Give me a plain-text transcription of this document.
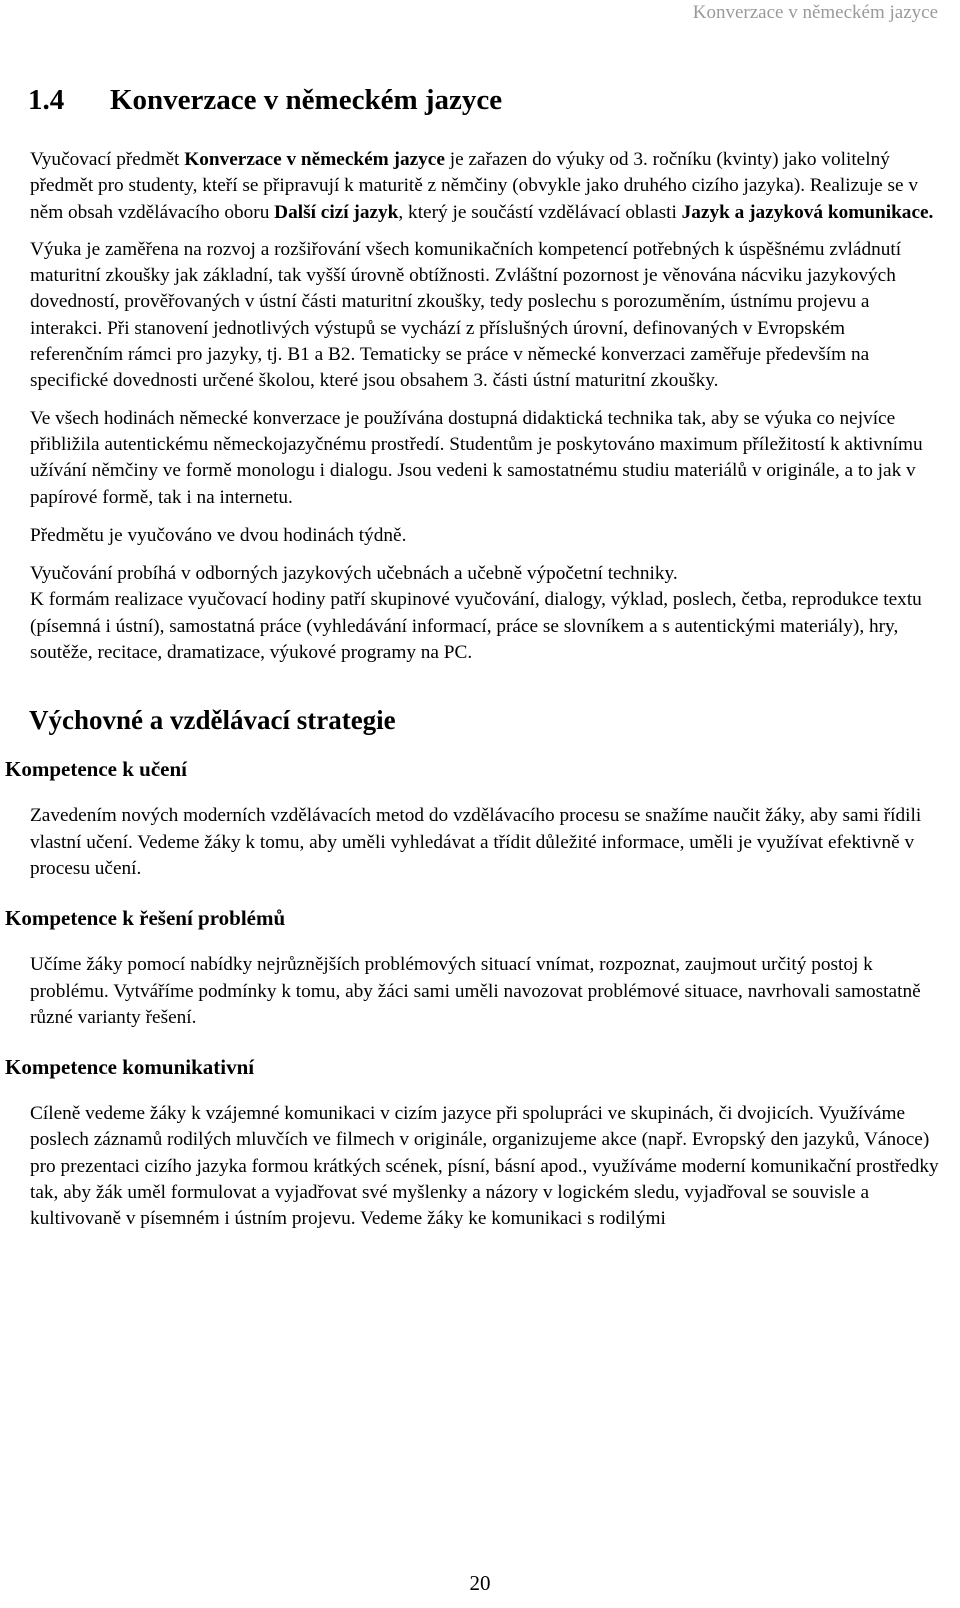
Konverzace v německém jazyce
1.4 Konverzace v německém jazyce

Vyučovací předmět Konverzace v německém jazyce je zařazen do výuky od 3. ročníku (kvinty) jako volitelný předmět pro studenty, kteří se připravují k maturitě z němčiny (obvykle jako druhého cizího jazyka). Realizuje se v něm obsah vzdělávacího oboru Další cizí jazyk, který je součástí vzdělávací oblasti Jazyk a jazyková komunikace.

Výuka je zaměřena na rozvoj a rozšiřování všech komunikačních kompetencí potřebných k úspěšnému zvládnutí maturitní zkoušky jak základní, tak vyšší úrovně obtížnosti. Zvláštní pozornost je věnována nácviku jazykových dovedností, prověřovaných v ústní části maturitní zkoušky, tedy poslechu s porozuměním, ústnímu projevu a interakci. Při stanovení jednotlivých výstupů se vychází z příslušných úrovní, definovaných v Evropském referenčním rámci pro jazyky, tj. B1 a B2. Tematicky se práce v německé konverzaci zaměřuje především na specifické dovednosti určené školou, které jsou obsahem 3. části ústní maturitní zkoušky.

Ve všech hodinách německé konverzace je používána dostupná didaktická technika tak, aby se výuka co nejvíce přibližila autentickému německojazyčnému prostředí. Studentům je poskytováno maximum příležitostí k aktivnímu užívání němčiny ve formě monologu i dialogu. Jsou vedeni k samostatnému studiu materiálů v originále, a to jak v papírové formě, tak i na internetu.

Předmětu je vyučováno ve dvou hodinách týdně.

Vyučování probíhá v odborných jazykových učebnách a učebně výpočetní techniky.
K formám realizace vyučovací hodiny patří skupinové vyučování, dialogy, výklad, poslech, četba, reprodukce textu (písemná i ústní), samostatná práce (vyhledávání informací, práce se slovníkem a s autentickými materiály), hry, soutěže, recitace, dramatizace, výukové programy na PC.

Výchovné a vzdělávací strategie
Kompetence k učení

Zavedením nových moderních vzdělávacích metod do vzdělávacího procesu se snažíme naučit žáky, aby sami řídili vlastní učení. Vedeme žáky k tomu, aby uměli vyhledávat a třídit důležité informace, uměli je využívat efektivně v procesu učení.

Kompetence k řešení problémů

Učíme žáky pomocí nabídky nejrůznějších problémových situací vnímat, rozpoznat, zaujmout určitý postoj k problému. Vytváříme podmínky k tomu, aby žáci sami uměli navozovat problémové situace, navrhovali samostatně různé varianty řešení.

Kompetence komunikativní

Cíleně vedeme žáky k vzájemné komunikaci v cizím jazyce při spolupráci ve skupinách, či dvojicích. Využíváme poslech záznamů rodilých mluvčích ve filmech v originále, organizujeme akce (např. Evropský den jazyků, Vánoce) pro prezentaci cizího jazyka formou krátkých scének, písní, básní apod., využíváme moderní komunikační prostředky tak, aby žák uměl formulovat a vyjadřovat své myšlenky a názory v logickém sledu, vyjadřoval se souvisle a kultivovaně v písemném i ústním projevu. Vedeme žáky ke komunikaci s rodilými

20
